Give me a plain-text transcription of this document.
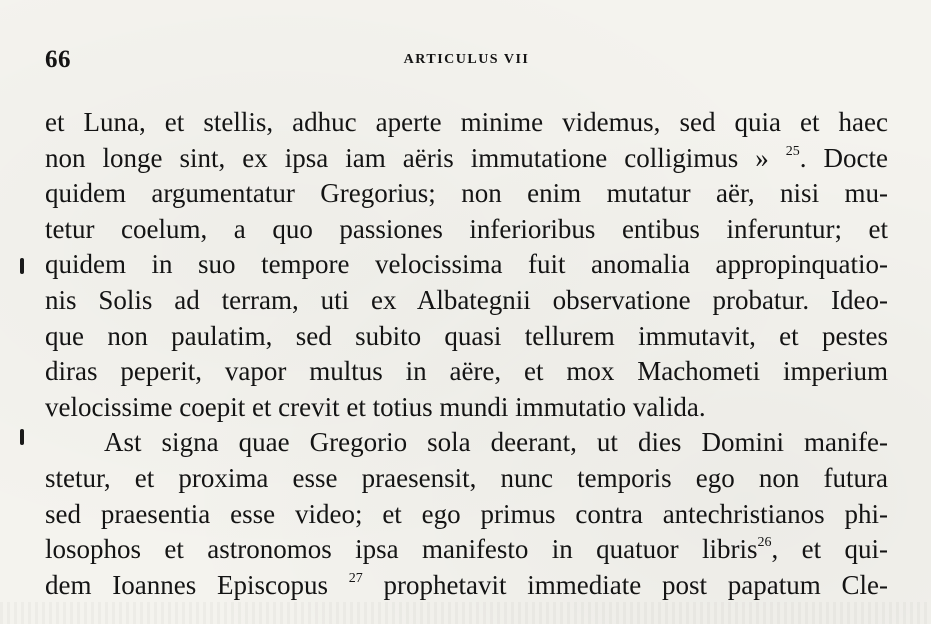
66	ARTICULUS VII
et Luna, et stellis, adhuc aperte minime videmus, sed quia et haec
non longe sint, ex ipsa iam aëris immutatione colligimus » $^{25}$. Docte
quidem argumentatur Gregorius; non enim mutatur aër, nisi mu-
tetur coelum, a quo passiones inferioribus entibus inferuntur; et
quidem in suo tempore velocissima fuit anomalia appropinquatio-
nis Solis ad terram, uti ex Albategnii observatione probatur. Ideo-
que non paulatim, sed subito quasi tellurem immutavit, et pestes
diras peperit, vapor multus in aëre, et mox Machometi imperium
velocissime coepit et crevit et totius mundi immutatio valida.
Ast signa quae Gregorio sola deerant, ut dies Domini manife-
stetur, et proxima esse praesensit, nunc temporis ego non futura
sed praesentia esse video; et ego primus contra antechristianos phi-
losophos et astronomos ipsa manifesto in quatuor libris$^{26}$, et qui-
dem Ioannes Episcopus $^{27}$ prophetavit immediate post papatum Cle-
